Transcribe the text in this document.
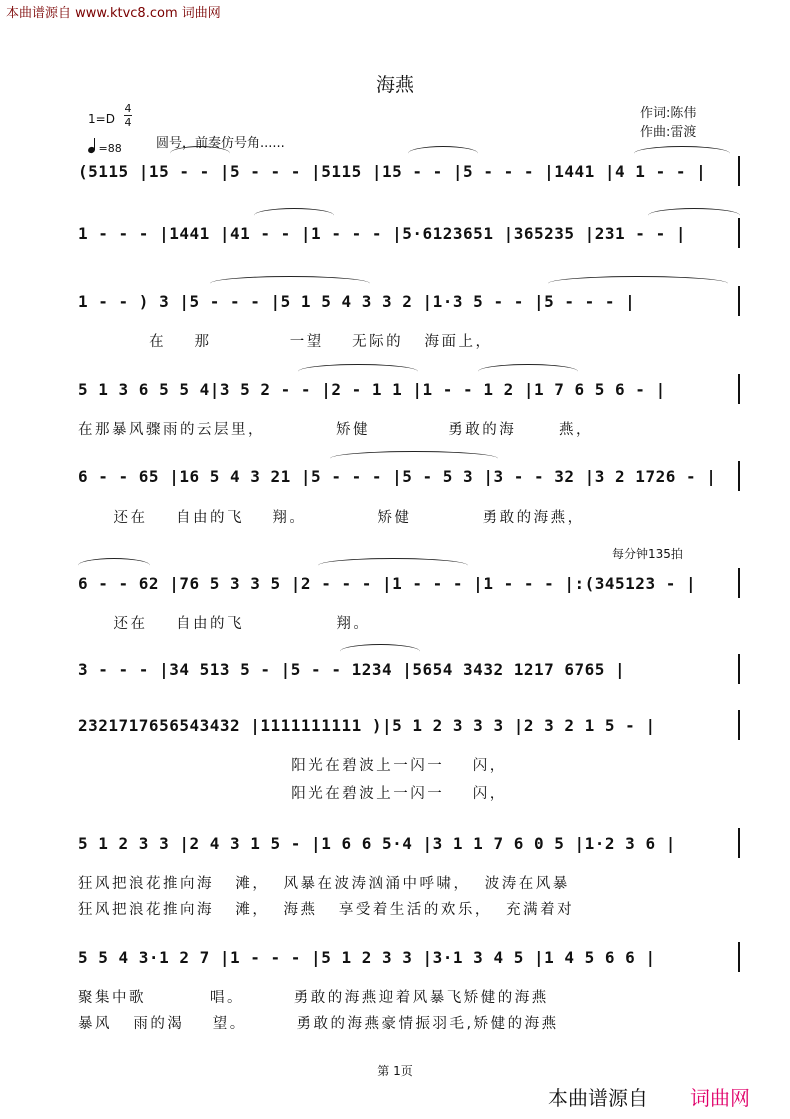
本曲谱源自 www.ktvc8.com 词曲网
海燕
1=D
4
4
=88	圆号，前奏仿号角......
作词:陈伟
作曲:雷渡
(5115 |15 - - |5 - - - |5115 |15 - - |5 - - - |1441 |4 1 - - |
1 - - - |1441 |41 - - |1 - - - |5·6123651 |365235 |231 - - |
1 - - ) 3 |5 - - - |5 1 5 4 3 3 2 |1·3 5 - - |5 - - - |
在    那           一望    无际的   海面上，
5 1 3 6 5 5 4|3 5 2 - - |2 - 1 1 |1 - - 1 2 |1 7 6 5 6 - |
在那暴风骤雨的云层里，          矫健           勇敢的海      燕，
6 - - 65 |16 5 4 3 21 |5 - - - |5 - 5 3 |3 - - 32 |3 2 1726 - |
还在    自由的飞    翔。          矫健          勇敢的海燕，
每分钟135拍
6 - - 62 |76 5 3 3 5 |2 - - - |1 - - - |1 - - - |:(345123 - |
还在    自由的飞             翔。
3 - - - |34 513 5 - |5 - - 1234 |5654 3432 1217 6765 |
2321717656543432 |1111111111 )|5 1 2 3 3 3 |2 3 2 1 5 - |
阳光在碧波上一闪一    闪，
阳光在碧波上一闪一    闪，
5 1 2 3 3 |2 4 3 1 5 - |1 6 6 5·4 |3 1 1 7 6 0 5 |1·2 3 6 |
狂风把浪花推向海   滩，  风暴在波涛汹涌中呼啸，  波涛在风暴
狂风把浪花推向海   滩，  海燕   享受着生活的欢乐，  充满着对
5 5 4 3·1 2 7 |1 - - - |5 1 2 3 3 |3·1 3 4 5 |1 4 5 6 6 |
聚集中歌         唱。       勇敢的海燕迎着风暴飞矫健的海燕
暴风   雨的渴    望。       勇敢的海燕豪情振羽毛,矫健的海燕
第 1页
本曲谱源自 词曲网
